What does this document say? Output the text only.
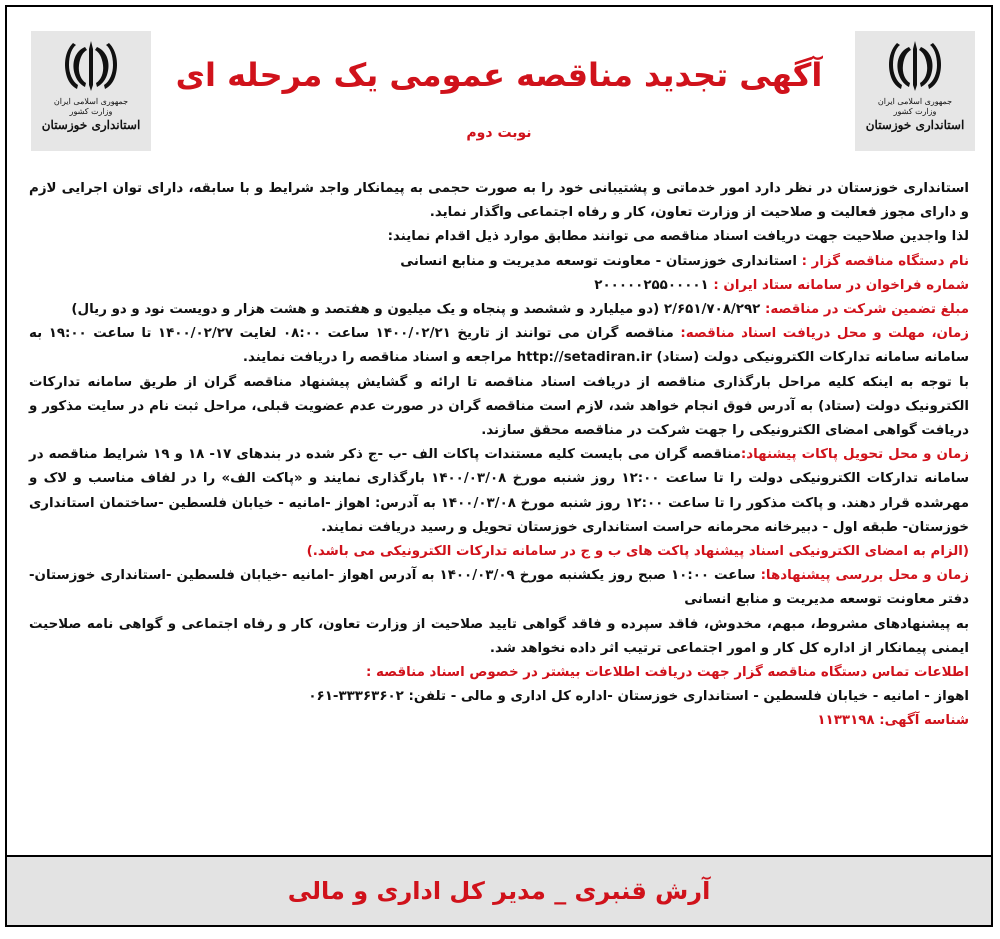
جمهوری اسلامی ایران
وزارت کشور
استانداری خوزستان
جمهوری اسلامی ایران
وزارت کشور
استانداری خوزستان
آگهی تجدید مناقصه عمومی یک مرحله ای
نوبت دوم

استانداری خوزستان در نظر دارد امور خدماتی و پشتیبانی خود را به صورت حجمی به پیمانکار واجد شرایط و با سابقه، دارای توان اجرایی لازم و دارای مجوز فعالیت و صلاحیت از وزارت تعاون، کار و رفاه اجتماعی واگذار نماید.

لذا واجدین صلاحیت جهت دریافت اسناد مناقصه می توانند مطابق موارد ذیل اقدام نمایند:

نام دستگاه مناقصه گزار : استانداری خوزستان - معاونت توسعه مدیریت و منابع انسانی

شماره فراخوان در سامانه ستاد ایران : ۲۰۰۰۰۰۲۵۵۰۰۰۰۱

مبلغ تضمین شرکت در مناقصه: ۲/۶۵۱/۷۰۸/۲۹۲ (دو میلیارد و ششصد و پنجاه و یک میلیون و هفتصد و هشت هزار و دویست نود و دو ریال)

زمان، مهلت و محل دریافت اسناد مناقصه: مناقصه گران می توانند از تاریخ ۱۴۰۰/۰۲/۲۱ ساعت ۰۸:۰۰ لغایت ۱۴۰۰/۰۲/۲۷ تا ساعت ۱۹:۰۰ به سامانه سامانه تدارکات الکترونیکی دولت (ستاد) http://setadiran.ir مراجعه و اسناد مناقصه را دریافت نمایند.

با توجه به اینکه کلیه مراحل بارگذاری مناقصه از دریافت اسناد مناقصه تا ارائه و گشایش پیشنهاد مناقصه گران از طریق سامانه تدارکات الکترونیک دولت (ستاد) به آدرس فوق انجام خواهد شد، لازم است مناقصه گران در صورت عدم عضویت قبلی، مراحل ثبت نام در سایت مذکور و دریافت گواهی امضای الکترونیکی را جهت شرکت در مناقصه محقق سازند.

زمان و محل تحویل پاکات پیشنهاد:مناقصه گران می بایست کلیه مستندات پاکات الف -ب -ج ذکر شده در بندهای ۱۷- ۱۸ و ۱۹ شرایط مناقصه در سامانه تدارکات الکترونیکی دولت را تا ساعت ۱۲:۰۰ روز شنبه مورخ ۱۴۰۰/۰۳/۰۸ بارگذاری نمایند و «پاکت الف» را در لفاف مناسب و لاک و مهرشده قرار دهند. و پاکت مذکور را تا ساعت ۱۲:۰۰ روز شنبه مورخ ۱۴۰۰/۰۳/۰۸ به آدرس: اهواز -امانیه - خیابان فلسطین -ساختمان استانداری خوزستان- طبقه اول - دبیرخانه محرمانه حراست استانداری خوزستان تحویل و رسید دریافت نمایند.

(الزام به امضای الکترونیکی اسناد پیشنهاد پاکت های ب و ج در سامانه تدارکات الکترونیکی می باشد.)

زمان و محل بررسی پیشنهادها: ساعت ۱۰:۰۰ صبح روز یکشنبه مورخ ۱۴۰۰/۰۳/۰۹ به آدرس اهواز -امانیه -خیابان فلسطین -استانداری خوزستان- دفتر معاونت توسعه مدیریت و منابع انسانی

به پیشنهادهای مشروط، مبهم، مخدوش، فاقد سپرده و فاقد گواهی تایید صلاحیت از وزارت تعاون، کار و رفاه اجتماعی و گواهی نامه صلاحیت ایمنی پیمانکار از اداره کل کار و امور اجتماعی ترتیب اثر داده نخواهد شد.

اطلاعات تماس دستگاه مناقصه گزار جهت دریافت اطلاعات بیشتر در خصوص اسناد مناقصه :

اهواز - امانیه - خیابان فلسطین - استانداری خوزستان -اداره کل اداری و مالی - تلفن: ۳۳۳۶۳۶۰۲-۰۶۱

شناسه آگهی: ۱۱۳۳۱۹۸

آرش قنبری _ مدیر کل اداری و مالی
